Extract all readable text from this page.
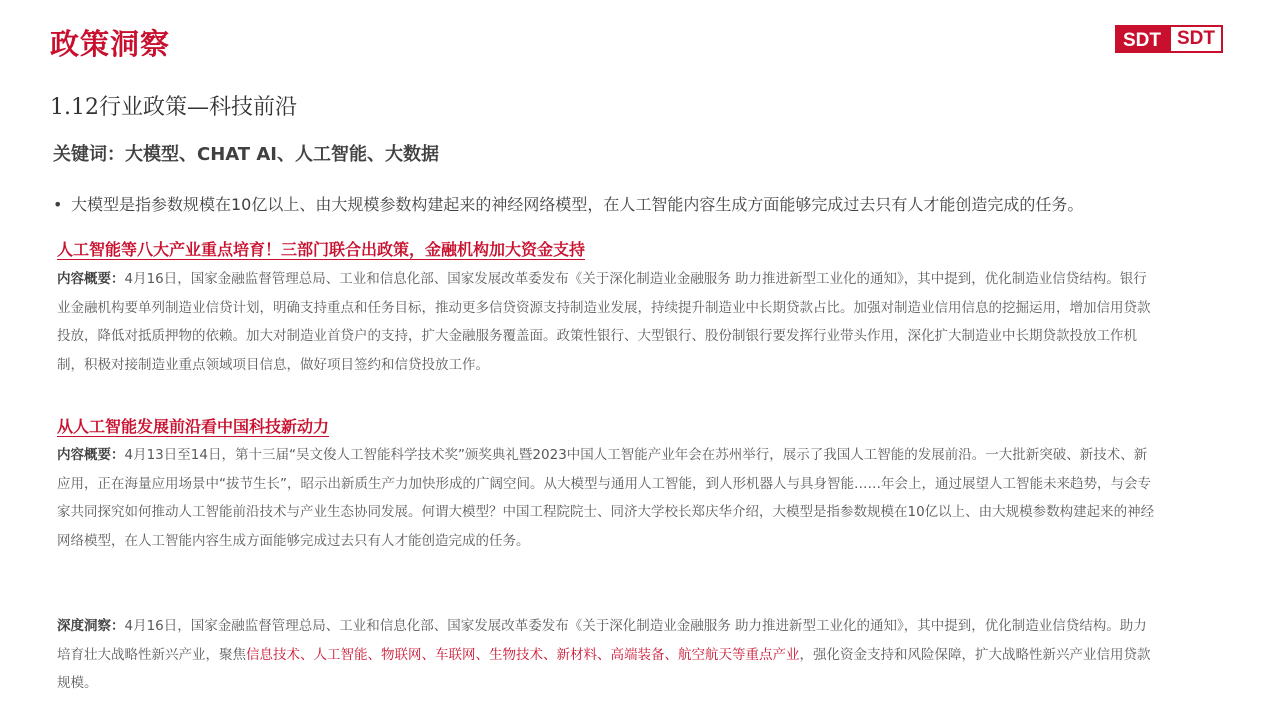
政策洞察	SDT SDT
1.12行业政策—科技前沿
关键词：大模型、CHAT AI、人工智能、大数据
• 大模型是指参数规模在10亿以上、由大规模参数构建起来的神经网络模型，在人工智能内容生成方面能够完成过去只有人才能创造完成的任务。
人工智能等八大产业重点培育！三部门联合出政策，金融机构加大资金支持
内容概要：4月16日，国家金融监督管理总局、工业和信息化部、国家发展改革委发布《关于深化制造业金融服务 助力推进新型工业化的通知》，其中提到，优化制造业信贷结构。银行业金融机构要单列制造业信贷计划，明确支持重点和任务目标，推动更多信贷资源支持制造业发展，持续提升制造业中长期贷款占比。加强对制造业信用信息的挖掘运用，增加信用贷款投放，降低对抵质押物的依赖。加大对制造业首贷户的支持，扩大金融服务覆盖面。政策性银行、大型银行、股份制银行要发挥行业带头作用，深化扩大制造业中长期贷款投放工作机制，积极对接制造业重点领域项目信息，做好项目签约和信贷投放工作。
从人工智能发展前沿看中国科技新动力
内容概要：4月13日至14日，第十三届“吴文俊人工智能科学技术奖”颁奖典礼暨2023中国人工智能产业年会在苏州举行，展示了我国人工智能的发展前沿。一大批新突破、新技术、新应用，正在海量应用场景中“拔节生长”，昭示出新质生产力加快形成的广阔空间。从大模型与通用人工智能，到人形机器人与具身智能……年会上，通过展望人工智能未来趋势，与会专家共同探究如何推动人工智能前沿技术与产业生态协同发展。何谓大模型？中国工程院院士、同济大学校长郑庆华介绍，大模型是指参数规模在10亿以上、由大规模参数构建起来的神经网络模型，在人工智能内容生成方面能够完成过去只有人才能创造完成的任务。
深度洞察：4月16日，国家金融监督管理总局、工业和信息化部、国家发展改革委发布《关于深化制造业金融服务 助力推进新型工业化的通知》，其中提到，优化制造业信贷结构。助力培育壮大战略性新兴产业，聚焦信息技术、人工智能、物联网、车联网、生物技术、新材料、高端装备、航空航天等重点产业，强化资金支持和风险保障，扩大战略性新兴产业信用贷款规模。
